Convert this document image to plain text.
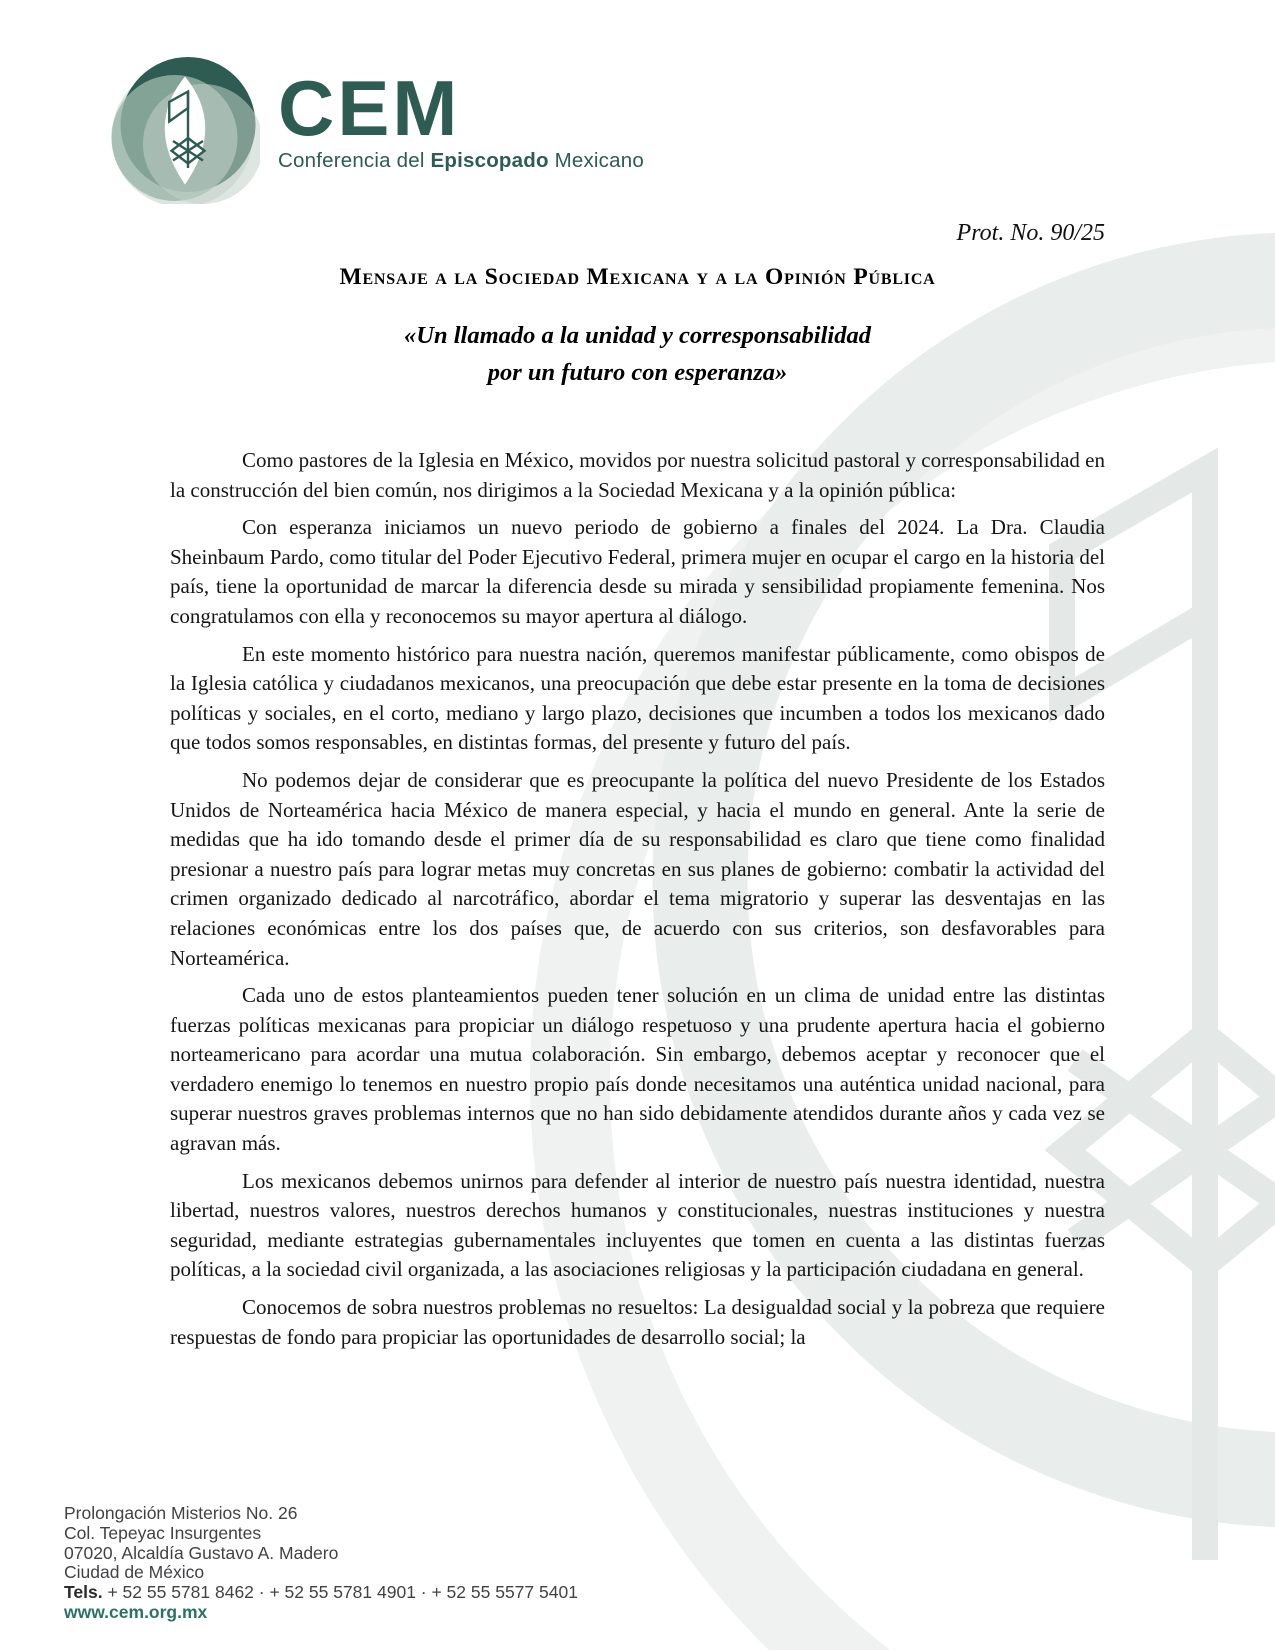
CEM
Conferencia del Episcopado Mexicano
Prot. No. 90/25
Mensaje a la Sociedad Mexicana y a la Opinión Pública
«Un llamado a la unidad y corresponsabilidad
por un futuro con esperanza»

Como pastores de la Iglesia en México, movidos por nuestra solicitud pastoral y corresponsabilidad en la construcción del bien común, nos dirigimos a la Sociedad Mexicana y a la opinión pública:

Con esperanza iniciamos un nuevo periodo de gobierno a finales del 2024. La Dra. Claudia Sheinbaum Pardo, como titular del Poder Ejecutivo Federal, primera mujer en ocupar el cargo en la historia del país, tiene la oportunidad de marcar la diferencia desde su mirada y sensibilidad propiamente femenina. Nos congratulamos con ella y reconocemos su mayor apertura al diálogo.

En este momento histórico para nuestra nación, queremos manifestar públicamente, como obispos de la Iglesia católica y ciudadanos mexicanos, una preocupación que debe estar presente en la toma de decisiones políticas y sociales, en el corto, mediano y largo plazo, decisiones que incumben a todos los mexicanos dado que todos somos responsables, en distintas formas, del presente y futuro del país.

No podemos dejar de considerar que es preocupante la política del nuevo Presidente de los Estados Unidos de Norteamérica hacia México de manera especial, y hacia el mundo en general. Ante la serie de medidas que ha ido tomando desde el primer día de su responsabilidad es claro que tiene como finalidad presionar a nuestro país para lograr metas muy concretas en sus planes de gobierno: combatir la actividad del crimen organizado dedicado al narcotráfico, abordar el tema migratorio y superar las desventajas en las relaciones económicas entre los dos países que, de acuerdo con sus criterios, son desfavorables para Norteamérica.

Cada uno de estos planteamientos pueden tener solución en un clima de unidad entre las distintas fuerzas políticas mexicanas para propiciar un diálogo respetuoso y una prudente apertura hacia el gobierno norteamericano para acordar una mutua colaboración. Sin embargo, debemos aceptar y reconocer que el verdadero enemigo lo tenemos en nuestro propio país donde necesitamos una auténtica unidad nacional, para superar nuestros graves problemas internos que no han sido debidamente atendidos durante años y cada vez se agravan más.

Los mexicanos debemos unirnos para defender al interior de nuestro país nuestra identidad, nuestra libertad, nuestros valores, nuestros derechos humanos y constitucionales, nuestras instituciones y nuestra seguridad, mediante estrategias gubernamentales incluyentes que tomen en cuenta a las distintas fuerzas políticas, a la sociedad civil organizada, a las asociaciones religiosas y la participación ciudadana en general.

Conocemos de sobra nuestros problemas no resueltos: La desigualdad social y la pobreza que requiere respuestas de fondo para propiciar las oportunidades de desarrollo social; la

Prolongación Misterios No. 26
Col. Tepeyac Insurgentes
07020, Alcaldía Gustavo A. Madero
Ciudad de México
Tels. + 52 55 5781 8462 · + 52 55 5781 4901 · + 52 55 5577 5401
www.cem.org.mx
